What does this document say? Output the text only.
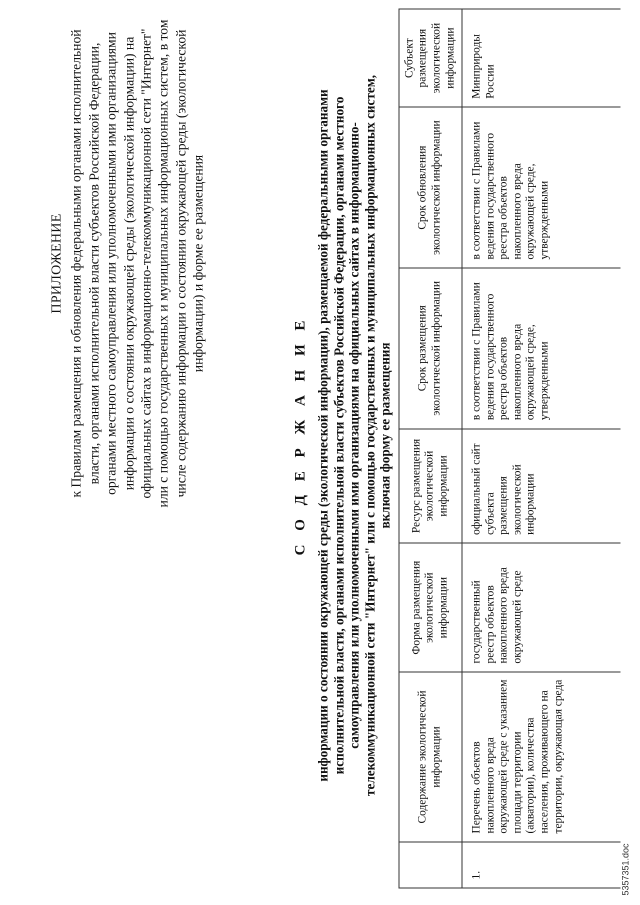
ПРИЛОЖЕНИЕ к Правилам размещения и обновления федеральными органами исполнительной власти, органами исполнительной власти субъектов Российской Федерации, органами местного самоуправления или уполномоченными ими организациями информации о состоянии окружающей среды (экологической информации) на официальных сайтах в информационно-телекоммуникационной сети "Интернет" или с помощью государственных и муниципальных информационных систем, в том числе содержанию информации о состоянии окружающей среды (экологической информации) и форме ее размещения
С О Д Е Р Ж А Н И Е информации о состоянии окружающей среды (экологической информации), размещаемой федеральными органами исполнительной власти, органами исполнительной власти субъектов Российской Федерации, органами местного самоуправления или уполномоченными ими организациями на официальных сайтах в информационно-телекоммуникационной сети "Интернет" или с помощью государственных и муниципальных информационных систем, включая форму ее размещения
	Содержание экологической информации	Форма размещения экологической информации	Ресурс размещения экологической информации	Срок размещения экологической информации	Срок обновления экологической информации	Субъект размещения экологической информации
1.	Перечень объектов накопленного вреда окружающей среде с указанием площади территории (акватории), количества населения, проживающего на территории, окружающая среда	государственный реестр объектов накопленного вреда окружающей среде	официальный сайт субъекта размещения экологической информации	в соответствии с Правилами ведения государственного реестра объектов накопленного вреда окружающей среде, утвержденными	в соответствии с Правилами ведения государственного реестра объектов накопленного вреда окружающей среде, утвержденными	Минприроды России
5357351.doc
